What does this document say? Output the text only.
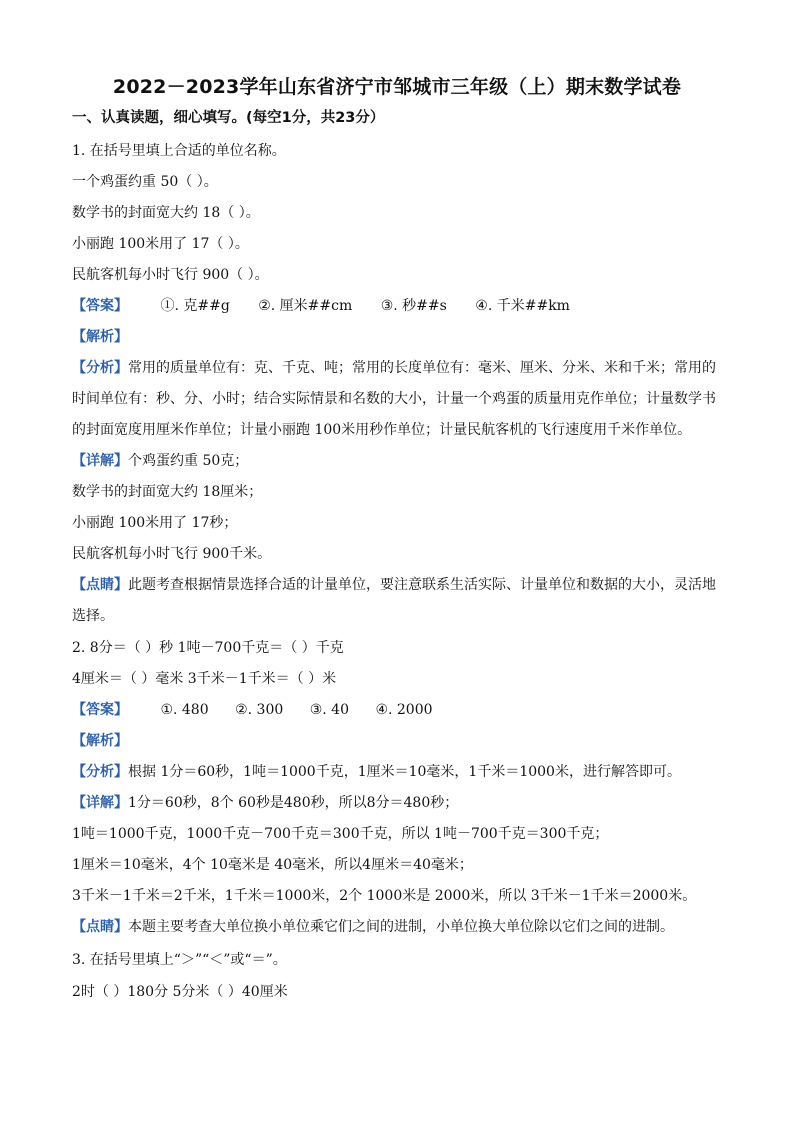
2022－2023学年山东省济宁市邹城市三年级（上）期末数学试卷
一、认真读题，细心填写。(每空1分，共23分）
1. 在括号里填上合适的单位名称。
一个鸡蛋约重 50（ ）。
数学书的封面宽大约 18（ ）。
小丽跑 100米用了 17（ ）。
民航客机每小时飞行 900（ ）。
【答案】 ①. 克##g ②. 厘米##cm ③. 秒##s ④. 千米##km
【解析】
【分析】常用的质量单位有：克、千克、吨；常用的长度单位有：毫米、厘米、分米、米和千米；常用的
时间单位有：秒、分、小时；结合实际情景和名数的大小，计量一个鸡蛋的质量用克作单位；计量数学书
的封面宽度用厘米作单位；计量小丽跑 100米用秒作单位；计量民航客机的飞行速度用千米作单位。
【详解】个鸡蛋约重 50克；
数学书的封面宽大约 18厘米；
小丽跑 100米用了 17秒；
民航客机每小时飞行 900千米。
【点睛】此题考查根据情景选择合适的计量单位，要注意联系生活实际、计量单位和数据的大小，灵活地
选择。
2. 8分＝（ ）秒 1吨－700千克＝（ ）千克
4厘米＝（ ）毫米 3千米－1千米＝（ ）米
【答案】 ①. 480 ②. 300 ③. 40 ④. 2000
【解析】
【分析】根据 1分＝60秒，1吨＝1000千克，1厘米＝10毫米，1千米＝1000米，进行解答即可。
【详解】1分＝60秒，8个 60秒是480秒，所以8分＝480秒；
1吨＝1000千克，1000千克－700千克＝300千克，所以 1吨－700千克＝300千克；
1厘米＝10毫米，4个 10毫米是 40毫米，所以4厘米＝40毫米；
3千米－1千米＝2千米，1千米＝1000米，2个 1000米是 2000米，所以 3千米－1千米＝2000米。
【点睛】本题主要考查大单位换小单位乘它们之间的进制，小单位换大单位除以它们之间的进制。
3. 在括号里填上“＞”“＜”或“＝”。
2时（ ）180分 5分米（ ）40厘米
